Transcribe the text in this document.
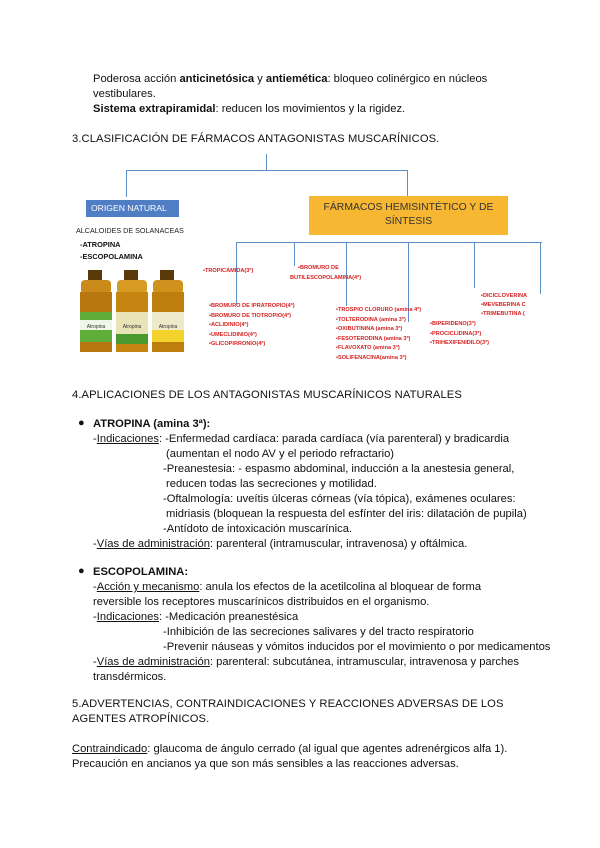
Poderosa acción anticinetósica y antiemética: bloqueo colinérgico en núcleos
vestibulares.
Sistema extrapiramidal: reducen los movimientos y la rigidez.
3.CLASIFICACIÓN DE FÁRMACOS ANTAGONISTAS MUSCARÍNICOS.
ORIGEN NATURAL
ALCALOIDES DE SOLANACEAS
-ATROPINA
-ESCOPOLAMINA
FÁRMACOS HEMISINTÉTICO Y DE
SÍNTESIS
Atropina	Atropina	Atropina
•TROPICAMIDA(3ª)	•BROMURO DE
BUTILESCOPOLAMINA(4ª)
•BROMURO DE IPRATROPIO(4ª)
•BROMURO DE TIOTROPIO(4ª)
•ACLIDINIO(4ª)
•UMECLIDINIO(4ª)
•GLICOPIRRONIO(4ª)
•TROSPIO CLORURO (amina 4ª)
•TOLTERODINA (amina 3ª)
•OXIBUTININA (amina 3ª)
•FESOTERODINA (amina 3ª)
•FLAVOXATO (amina 3ª)
•SOLIFENACINA(amina 3ª)
•BIPERIDENO(3ª)
•PROCICLIDINA(3ª)
•TRIHEXIFENIDILO(3ª)
•DICICLOVERINA
•MEVEBERINA C
•TRIMEBUTINA (
4.APLICACIONES DE LOS ANTAGONISTAS MUSCARÍNICOS NATURALES
● ATROPINA (amina 3ª):
-Indicaciones: -Enfermedad cardíaca: parada cardíaca (vía parenteral) y bradicardia
(aumentan el nodo AV y el periodo refractario)
-Preanestesia: - espasmo abdominal, inducción a la anestesia general,
reducen todas las secreciones y motilidad.
-Oftalmología: uveítis úlceras córneas (vía tópica), exámenes oculares:
midriasis (bloquean la respuesta del esfínter del iris: dilatación de pupila)
-Antídoto de intoxicación muscarínica.
-Vías de administración: parenteral (intramuscular, intravenosa) y oftálmica.
● ESCOPOLAMINA:
-Acción y mecanismo: anula los efectos de la acetilcolina al bloquear de forma
reversible los receptores muscarínicos distribuidos en el organismo.
-Indicaciones: -Medicación preanestésica
-Inhibición de las secreciones salivares y del tracto respiratorio
-Prevenir náuseas y vómitos inducidos por el movimiento o por medicamentos
-Vías de administración: parenteral: subcutánea, intramuscular, intravenosa y parches
transdérmicos.
5.ADVERTENCIAS, CONTRAINDICACIONES Y REACCIONES ADVERSAS DE LOS
AGENTES ATROPÍNICOS.
Contraindicado: glaucoma de ángulo cerrado (al igual que agentes adrenérgicos alfa 1).
Precaución en ancianos ya que son más sensibles a las reacciones adversas.
